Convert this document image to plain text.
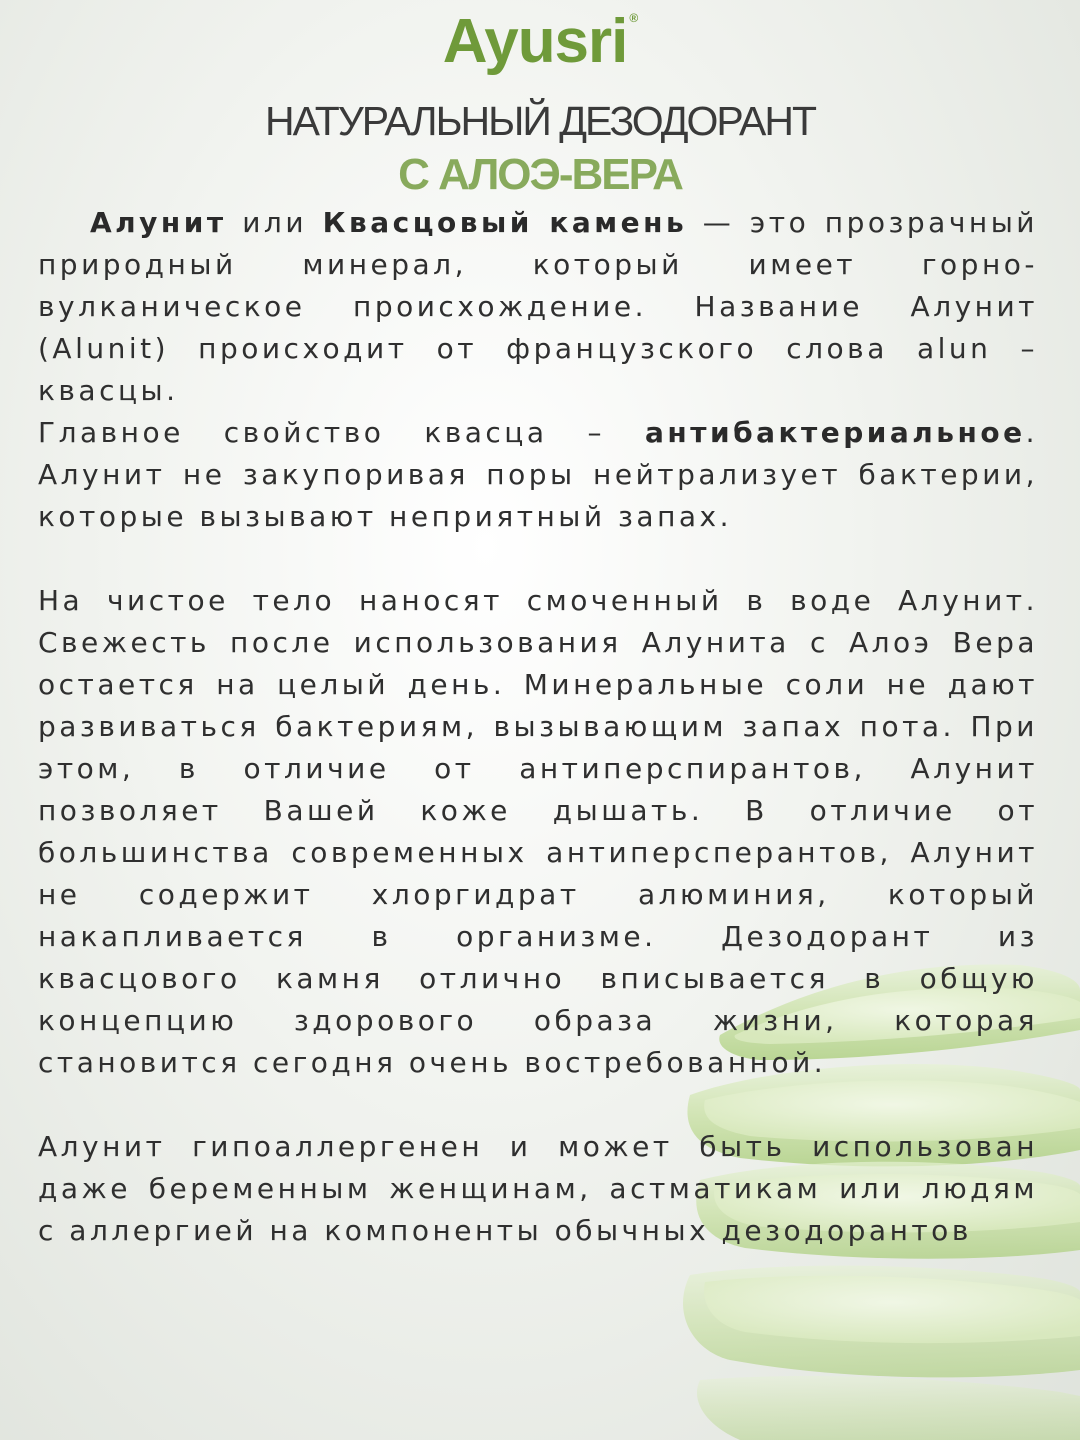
Ayusri ®
НАТУРАЛЬНЫЙ ДЕЗОДОРАНТ
С АЛОЭ-ВЕРА

Алунит или Квасцовый камень — это прозрачный природный минерал, который имеет горно-вулканическое происхождение. Название Алунит (Alunit) происходит от французского слова alun – квасцы.

Главное свойство квасца – антибактериальное. Алунит не закупоривая поры нейтрализует бактерии, которые вызывают неприятный запах.

На чистое тело наносят смоченный в воде Алунит. Свежесть после использования Алунита с Алоэ Вера остается на целый день. Минеральные соли не дают развиваться бактериям, вызывающим запах пота. При этом, в отличие от антиперспирантов, Алунит позволяет Вашей коже дышать. В отличие от большинства современных антиперсперантов, Алунит не содержит хлоргидрат алюминия, который накапливается в организме. Дезодорант из квасцового камня отлично вписывается в общую концепцию здорового образа жизни, которая становится сегодня очень востребованной.

Алунит гипоаллергенен и может быть использован даже беременным женщинам, астматикам или людям с аллергией на компоненты обычных дезодорантов
